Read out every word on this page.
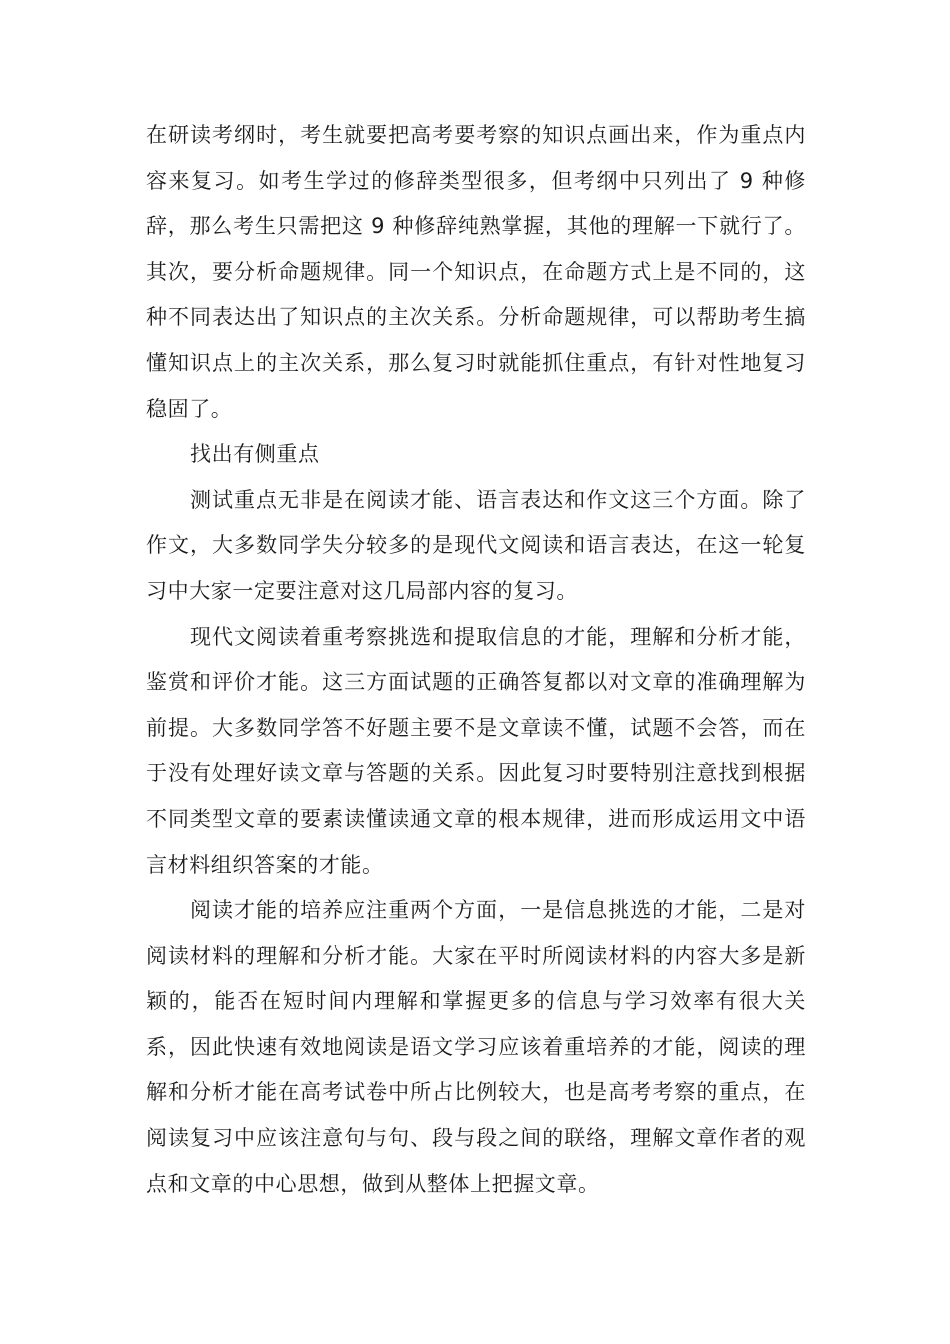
在研读考纲时，考生就要把高考要考察的知识点画出来，作为重点内容来复习。如考生学过的修辞类型很多，但考纲中只列出了 9 种修辞，那么考生只需把这 9 种修辞纯熟掌握，其他的理解一下就行了。其次，要分析命题规律。同一个知识点，在命题方式上是不同的，这种不同表达出了知识点的主次关系。分析命题规律，可以帮助考生搞懂知识点上的主次关系，那么复习时就能抓住重点，有针对性地复习稳固了。

找出有侧重点

测试重点无非是在阅读才能、语言表达和作文这三个方面。除了作文，大多数同学失分较多的是现代文阅读和语言表达，在这一轮复习中大家一定要注意对这几局部内容的复习。

现代文阅读着重考察挑选和提取信息的才能，理解和分析才能，鉴赏和评价才能。这三方面试题的正确答复都以对文章的准确理解为前提。大多数同学答不好题主要不是文章读不懂，试题不会答，而在于没有处理好读文章与答题的关系。因此复习时要特别注意找到根据不同类型文章的要素读懂读通文章的根本规律，进而形成运用文中语言材料组织答案的才能。

阅读才能的培养应注重两个方面，一是信息挑选的才能，二是对阅读材料的理解和分析才能。大家在平时所阅读材料的内容大多是新颖的，能否在短时间内理解和掌握更多的信息与学习效率有很大关系，因此快速有效地阅读是语文学习应该着重培养的才能，阅读的理解和分析才能在高考试卷中所占比例较大，也是高考考察的重点，在阅读复习中应该注意句与句、段与段之间的联络，理解文章作者的观点和文章的中心思想，做到从整体上把握文章。
